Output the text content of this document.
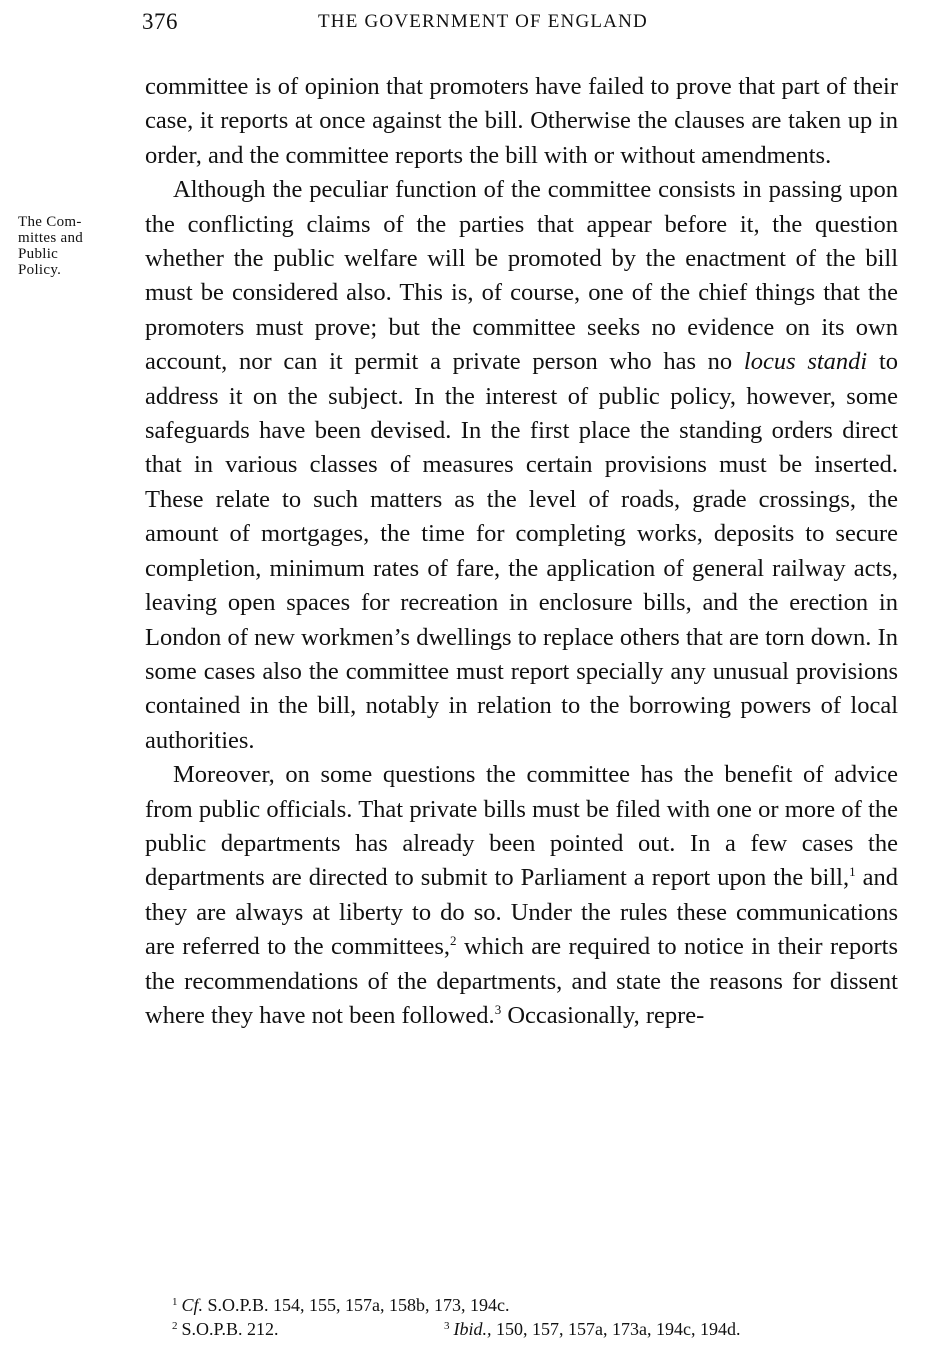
376	THE GOVERNMENT OF ENGLAND
The Com-
mittes and
Public
Policy.

committee is of opinion that promoters have failed to prove that part of their case, it reports at once against the bill. Otherwise the clauses are taken up in order, and the committee reports the bill with or without amendments.

Although the peculiar function of the committee consists in passing upon the conflicting claims of the parties that appear before it, the question whether the public welfare will be promoted by the enactment of the bill must be considered also. This is, of course, one of the chief things that the promoters must prove; but the committee seeks no evidence on its own account, nor can it permit a private person who has no locus standi to address it on the subject. In the interest of public policy, however, some safeguards have been devised. In the first place the standing orders direct that in various classes of measures certain provisions must be inserted. These relate to such matters as the level of roads, grade crossings, the amount of mortgages, the time for completing works, deposits to secure completion, minimum rates of fare, the application of general railway acts, leaving open spaces for recreation in enclosure bills, and the erection in London of new workmen’s dwellings to replace others that are torn down. In some cases also the committee must report specially any unusual provisions contained in the bill, notably in relation to the borrowing powers of local authorities.

Moreover, on some questions the committee has the benefit of advice from public officials. That private bills must be filed with one or more of the public departments has already been pointed out. In a few cases the departments are directed to submit to Parliament a report upon the bill,$^1$ and they are always at liberty to do so. Under the rules these communications are referred to the committees,$^2$ which are required to notice in their reports the recommendations of the departments, and state the reasons for dissent where they have not been followed.$^3$ Occasionally, repre-

$^1$ Cf. S.O.P.B. 154, 155, 157a, 158b, 173, 194c.
$^2$ S.O.P.B. 212.	$^3$ Ibid., 150, 157, 157a, 173a, 194c, 194d.
